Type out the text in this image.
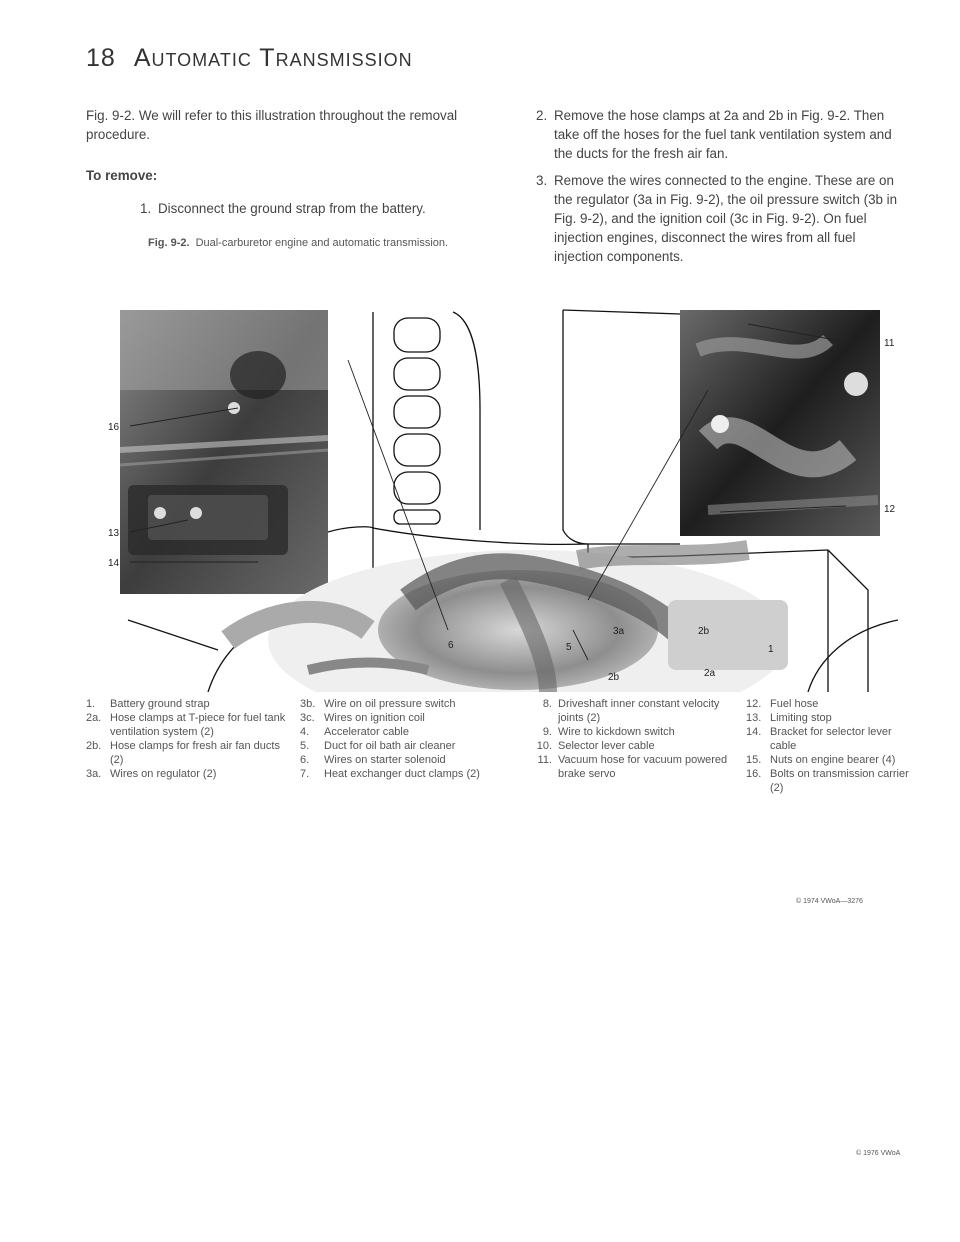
18 Automatic Transmission

Fig. 9-2. We will refer to this illustration throughout the removal procedure.

To remove:

1. Disconnect the ground strap from the battery.
Fig. 9-2. Dual-carburetor engine and automatic transmission.
2. Remove the hose clamps at 2a and 2b in Fig. 9-2. Then take off the hoses for the fuel tank ventilation system and the ducts for the fresh air fan.
3. Remove the wires connected to the engine. These are on the regulator (3a in Fig. 9-2), the oil pressure switch (3b in Fig. 9-2), and the ignition coil (3c in Fig. 9-2). On fuel injection engines, disconnect the wires from all fuel injection components.
16
13
14
11
12
3a	2b
2a
1
5
6
2b
© 1974 VWoA—3276
1.	Battery ground strap
2a. Hose clamps at T-piece for fuel tank ventilation system (2)
2b. Hose clamps for fresh air fan ducts (2)
3a. Wires on regulator (2)
3b. Wire on oil pressure switch
3c. Wires on ignition coil
4.	Accelerator cable
5.	Duct for oil bath air cleaner
6.	Wires on starter solenoid
7.	Heat exchanger duct clamps (2)
8. Driveshaft inner constant velocity joints (2)
9. Wire to kickdown switch
10. Selector lever cable
11. Vacuum hose for vacuum powered brake servo
12. Fuel hose
13. Limiting stop
14. Bracket for selector lever cable
15. Nuts on engine bearer (4)
16. Bolts on transmission carrier (2)
© 1976 VWoA
